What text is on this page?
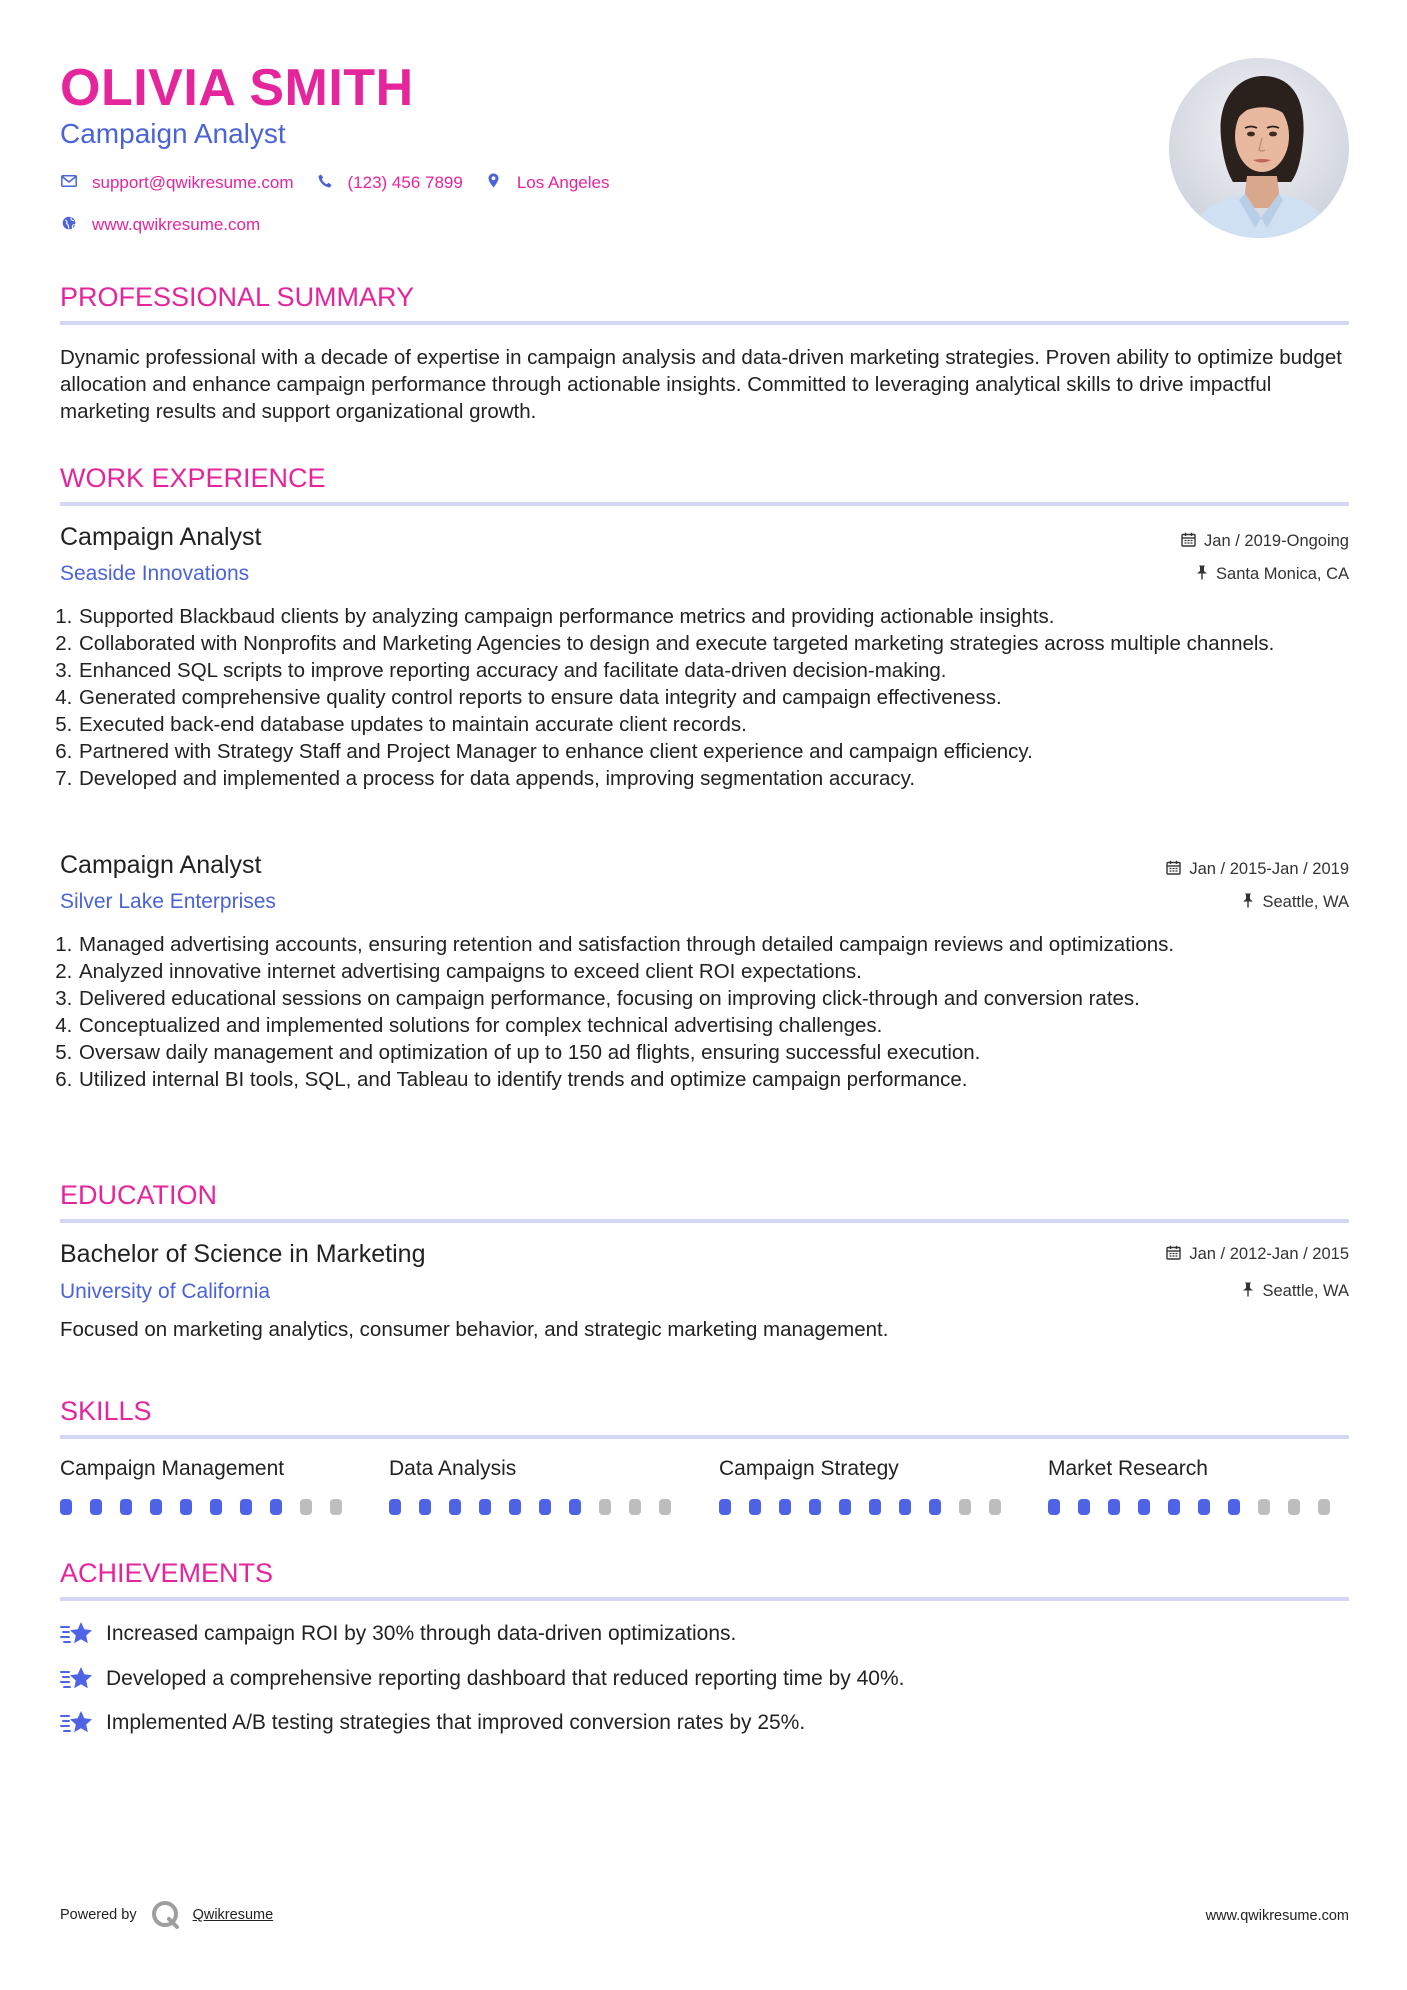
OLIVIA SMITH
Campaign Analyst
support@qwikresume.com	(123) 456 7899	Los Angeles
www.qwikresume.com
PROFESSIONAL SUMMARY

Dynamic professional with a decade of expertise in campaign analysis and data-driven marketing strategies. Proven ability to optimize budget allocation and enhance campaign performance through actionable insights. Committed to leveraging analytical skills to drive impactful marketing results and support organizational growth.

WORK EXPERIENCE
Campaign Analyst
Seaside Innovations
Jan / 2019-Ongoing
Santa Monica, CA
1. Supported Blackbaud clients by analyzing campaign performance metrics and providing actionable insights.
2. Collaborated with Nonprofits and Marketing Agencies to design and execute targeted marketing strategies across multiple channels.
3. Enhanced SQL scripts to improve reporting accuracy and facilitate data-driven decision-making.
4. Generated comprehensive quality control reports to ensure data integrity and campaign effectiveness.
5. Executed back-end database updates to maintain accurate client records.
6. Partnered with Strategy Staff and Project Manager to enhance client experience and campaign efficiency.
7. Developed and implemented a process for data appends, improving segmentation accuracy.
Campaign Analyst
Silver Lake Enterprises
Jan / 2015-Jan / 2019
Seattle, WA
1. Managed advertising accounts, ensuring retention and satisfaction through detailed campaign reviews and optimizations.
2. Analyzed innovative internet advertising campaigns to exceed client ROI expectations.
3. Delivered educational sessions on campaign performance, focusing on improving click-through and conversion rates.
4. Conceptualized and implemented solutions for complex technical advertising challenges.
5. Oversaw daily management and optimization of up to 150 ad flights, ensuring successful execution.
6. Utilized internal BI tools, SQL, and Tableau to identify trends and optimize campaign performance.
EDUCATION
Bachelor of Science in Marketing
University of California
Jan / 2012-Jan / 2015
Seattle, WA

Focused on marketing analytics, consumer behavior, and strategic marketing management.

SKILLS
Campaign Management	Data Analysis	Campaign Strategy	Market Research
ACHIEVEMENTS
Increased campaign ROI by 30% through data-driven optimizations.
Developed a comprehensive reporting dashboard that reduced reporting time by 40%.
Implemented A/B testing strategies that improved conversion rates by 25%.
Powered by	Qwikresume	www.qwikresume.com
